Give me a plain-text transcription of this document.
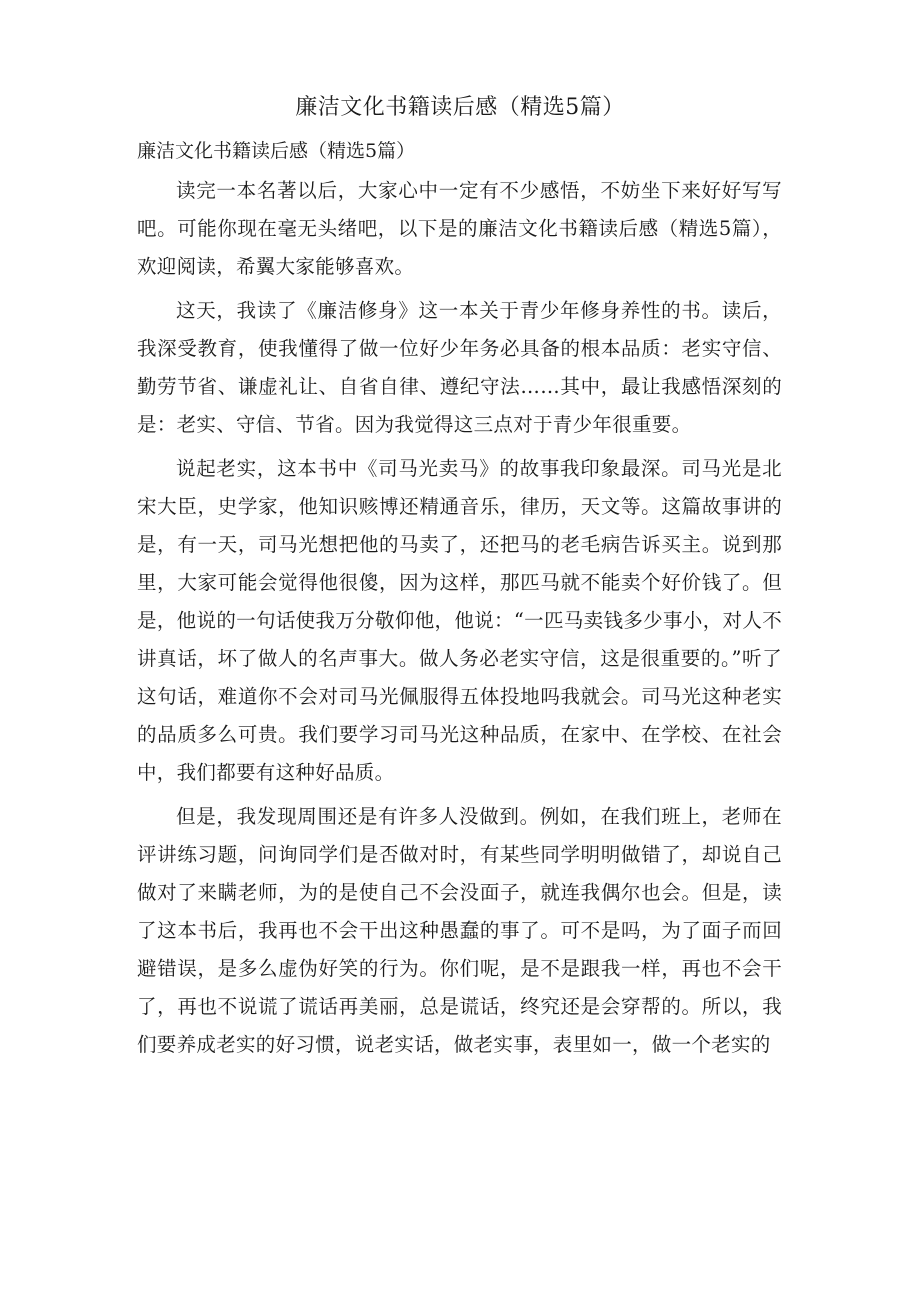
廉洁文化书籍读后感（精选5篇）
廉洁文化书籍读后感（精选5篇）

读完一本名著以后，大家心中一定有不少感悟，不妨坐下来好好写写吧。可能你现在毫无头绪吧，以下是的廉洁文化书籍读后感（精选5篇），欢迎阅读，希翼大家能够喜欢。

这天，我读了《廉洁修身》这一本关于青少年修身养性的书。读后，我深受教育，使我懂得了做一位好少年务必具备的根本品质：老实守信、勤劳节省、谦虚礼让、自省自律、遵纪守法……其中，最让我感悟深刻的是：老实、守信、节省。因为我觉得这三点对于青少年很重要。

说起老实，这本书中《司马光卖马》的故事我印象最深。司马光是北宋大臣，史学家，他知识赅博还精通音乐，律历，天文等。这篇故事讲的是，有一天，司马光想把他的马卖了，还把马的老毛病告诉买主。说到那里，大家可能会觉得他很傻，因为这样，那匹马就不能卖个好价钱了。但是，他说的一句话使我万分敬仰他，他说：“一匹马卖钱多少事小，对人不讲真话，坏了做人的名声事大。做人务必老实守信，这是很重要的。”听了这句话，难道你不会对司马光佩服得五体投地吗我就会。司马光这种老实的品质多么可贵。我们要学习司马光这种品质，在家中、在学校、在社会中，我们都要有这种好品质。

但是，我发现周围还是有许多人没做到。例如，在我们班上，老师在评讲练习题，问询同学们是否做对时，有某些同学明明做错了，却说自己做对了来瞒老师，为的是使自己不会没面子，就连我偶尔也会。但是，读了这本书后，我再也不会干出这种愚蠢的事了。可不是吗，为了面子而回避错误，是多么虚伪好笑的行为。你们呢，是不是跟我一样，再也不会干了，再也不说谎了谎话再美丽，总是谎话，终究还是会穿帮的。所以，我们要养成老实的好习惯，说老实话，做老实事，表里如一，做一个老实的
